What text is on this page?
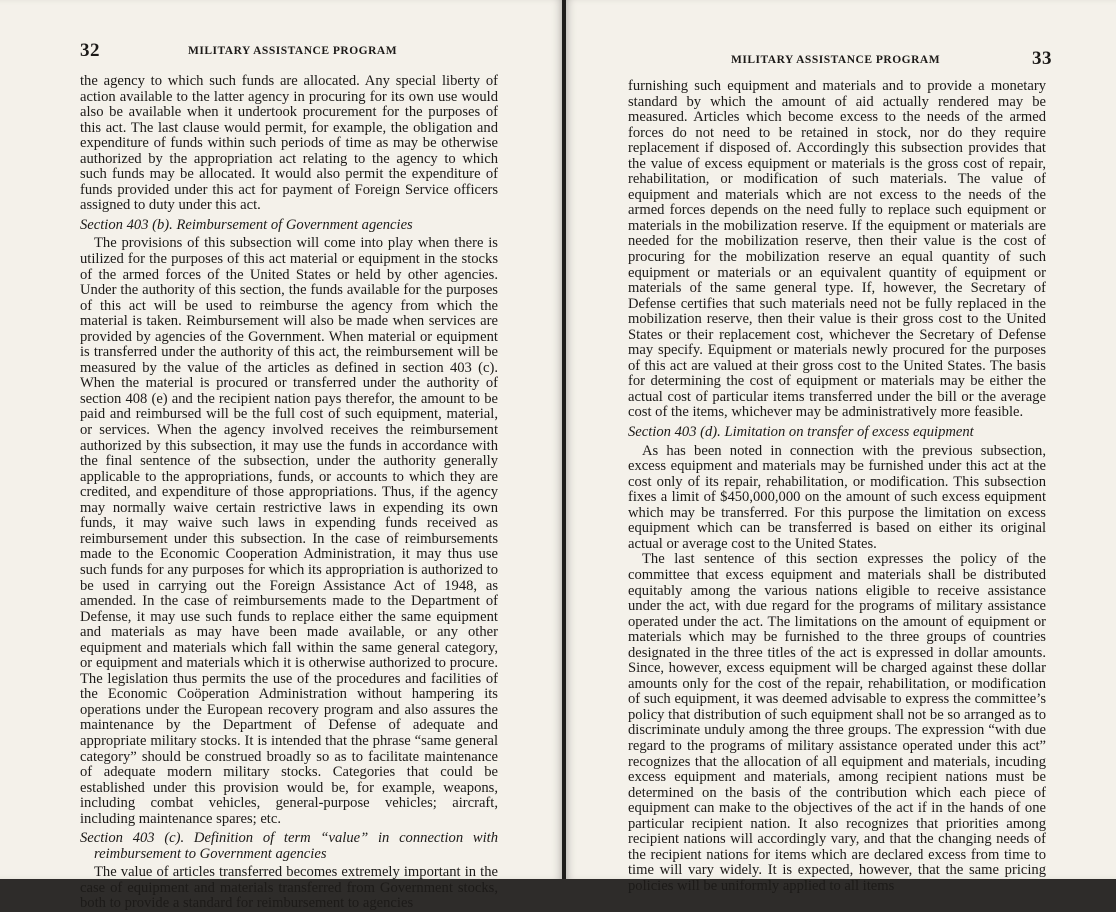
32	MILITARY ASSISTANCE PROGRAM

the agency to which such funds are allocated. Any special liberty of action available to the latter agency in procuring for its own use would also be available when it undertook procurement for the purposes of this act. The last clause would permit, for example, the obligation and expenditure of funds within such periods of time as may be otherwise authorized by the appropriation act relating to the agency to which such funds may be allocated. It would also permit the expenditure of funds provided under this act for payment of Foreign Service officers assigned to duty under this act.

Section 403 (b). Reimbursement of Government agencies

The provisions of this subsection will come into play when there is utilized for the purposes of this act material or equipment in the stocks of the armed forces of the United States or held by other agencies. Under the authority of this section, the funds available for the purposes of this act will be used to reimburse the agency from which the material is taken. Reimbursement will also be made when services are provided by agencies of the Government. When material or equipment is transferred under the authority of this act, the reimbursement will be measured by the value of the articles as defined in section 403 (c). When the material is procured or transferred under the authority of section 408 (e) and the recipient nation pays therefor, the amount to be paid and reimbursed will be the full cost of such equipment, material, or services. When the agency involved receives the reimbursement authorized by this subsection, it may use the funds in accordance with the final sentence of the subsection, under the authority generally applicable to the appropriations, funds, or accounts to which they are credited, and expenditure of those appropriations. Thus, if the agency may normally waive certain restrictive laws in expending its own funds, it may waive such laws in expending funds received as reimbursement under this subsection. In the case of reimbursements made to the Economic Cooperation Administration, it may thus use such funds for any purposes for which its appropriation is authorized to be used in carrying out the Foreign Assistance Act of 1948, as amended. In the case of reimbursements made to the Department of Defense, it may use such funds to replace either the same equipment and materials as may have been made available, or any other equipment and materials which fall within the same general category, or equipment and materials which it is otherwise authorized to procure. The legislation thus permits the use of the procedures and facilities of the Economic Coöperation Administration without hampering its operations under the European recovery program and also assures the maintenance by the Department of Defense of adequate and appropriate military stocks. It is intended that the phrase “same general category” should be construed broadly so as to facilitate maintenance of adequate modern military stocks. Categories that could be established under this provision would be, for example, weapons, including combat vehicles, general-purpose vehicles; aircraft, including maintenance spares; etc.

Section 403 (c). Definition of term “value” in connection with reimbursement to Government agencies

The value of articles transferred becomes extremely important in the case of equipment and materials transferred from Government stocks, both to provide a standard for reimbursement to agencies

MILITARY ASSISTANCE PROGRAM	33

furnishing such equipment and materials and to provide a monetary standard by which the amount of aid actually rendered may be measured. Articles which become excess to the needs of the armed forces do not need to be retained in stock, nor do they require replacement if disposed of. Accordingly this subsection provides that the value of excess equipment or materials is the gross cost of repair, rehabilitation, or modification of such materials. The value of equipment and materials which are not excess to the needs of the armed forces depends on the need fully to replace such equipment or materials in the mobilization reserve. If the equipment or materials are needed for the mobilization reserve, then their value is the cost of procuring for the mobilization reserve an equal quantity of such equipment or materials or an equivalent quantity of equipment or materials of the same general type. If, however, the Secretary of Defense certifies that such materials need not be fully replaced in the mobilization reserve, then their value is their gross cost to the United States or their replacement cost, whichever the Secretary of Defense may specify. Equipment or materials newly procured for the purposes of this act are valued at their gross cost to the United States. The basis for determining the cost of equipment or materials may be either the actual cost of particular items transferred under the bill or the average cost of the items, whichever may be administratively more feasible.

Section 403 (d). Limitation on transfer of excess equipment

As has been noted in connection with the previous subsection, excess equipment and materials may be furnished under this act at the cost only of its repair, rehabilitation, or modification. This subsection fixes a limit of $450,000,000 on the amount of such excess equipment which may be transferred. For this purpose the limitation on excess equipment which can be transferred is based on either its original actual or average cost to the United States.

The last sentence of this section expresses the policy of the committee that excess equipment and materials shall be distributed equitably among the various nations eligible to receive assistance under the act, with due regard for the programs of military assistance operated under the act. The limitations on the amount of equipment or materials which may be furnished to the three groups of countries designated in the three titles of the act is expressed in dollar amounts. Since, however, excess equipment will be charged against these dollar amounts only for the cost of the repair, rehabilitation, or modification of such equipment, it was deemed advisable to express the committee’s policy that distribution of such equipment shall not be so arranged as to discriminate unduly among the three groups. The expression “with due regard to the programs of military assistance operated under this act” recognizes that the allocation of all equipment and materials, incuding excess equipment and materials, among recipient nations must be determined on the basis of the contribution which each piece of equipment can make to the objectives of the act if in the hands of one particular recipient nation. It also recognizes that priorities among recipient nations will accordingly vary, and that the changing needs of the recipient nations for items which are declared excess from time to time will vary widely. It is expected, however, that the same pricing policies will be uniformly applied to all items
